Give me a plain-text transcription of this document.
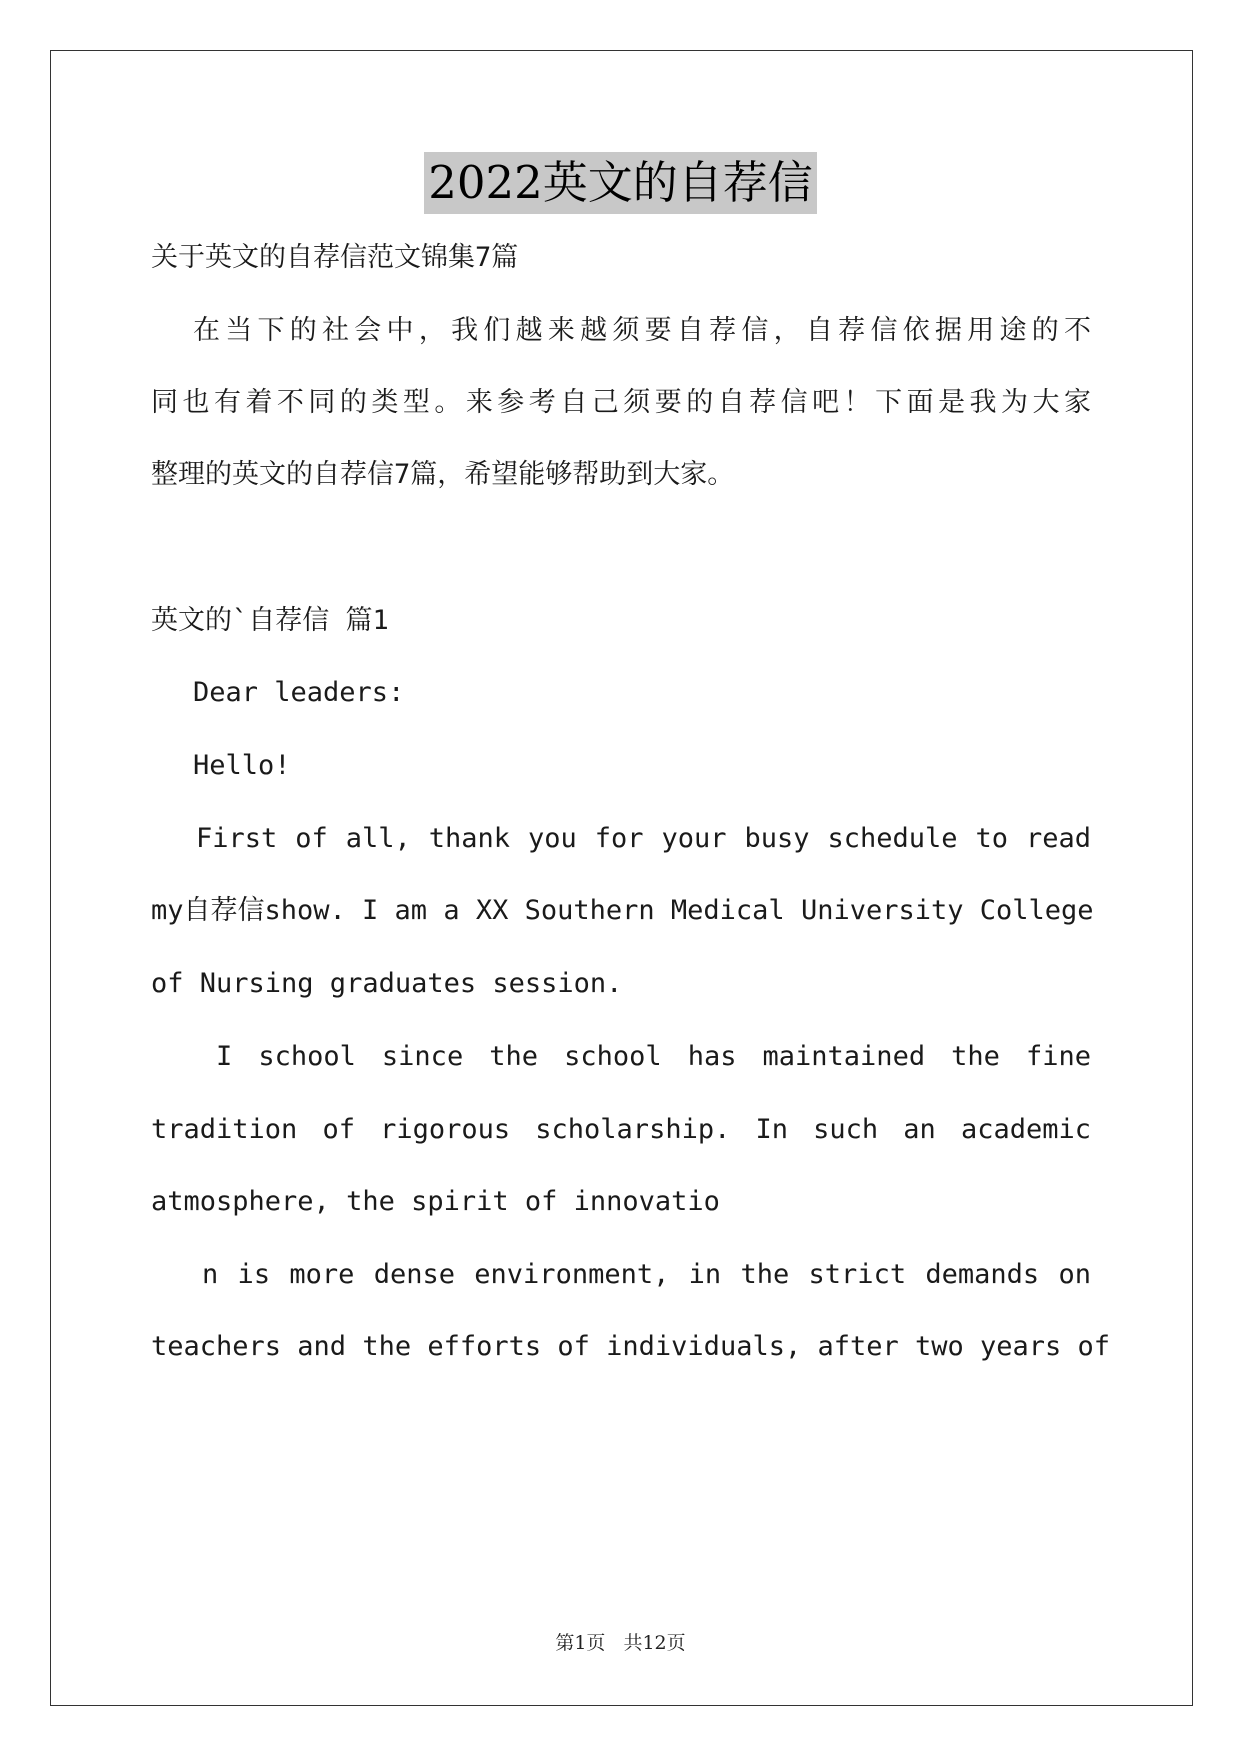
2022英文的自荐信

关于英文的自荐信范文锦集7篇

在当下的社会中，我们越来越须要自荐信，自荐信依据用途的不

同也有着不同的类型。来参考自己须要的自荐信吧！下面是我为大家

整理的英文的自荐信7篇，希望能够帮助到大家。

英文的`自荐信 篇1

Dear leaders:

Hello!

First of all, thank you for your busy schedule to read

my自荐信show. I am a XX Southern Medical University College

of Nursing graduates session.

I school since the school has maintained the fine

tradition of rigorous scholarship. In such an academic

atmosphere, the spirit of innovatio

n is more dense environment, in the strict demands on

teachers and the efforts of individuals, after two years of

第1页 共12页
